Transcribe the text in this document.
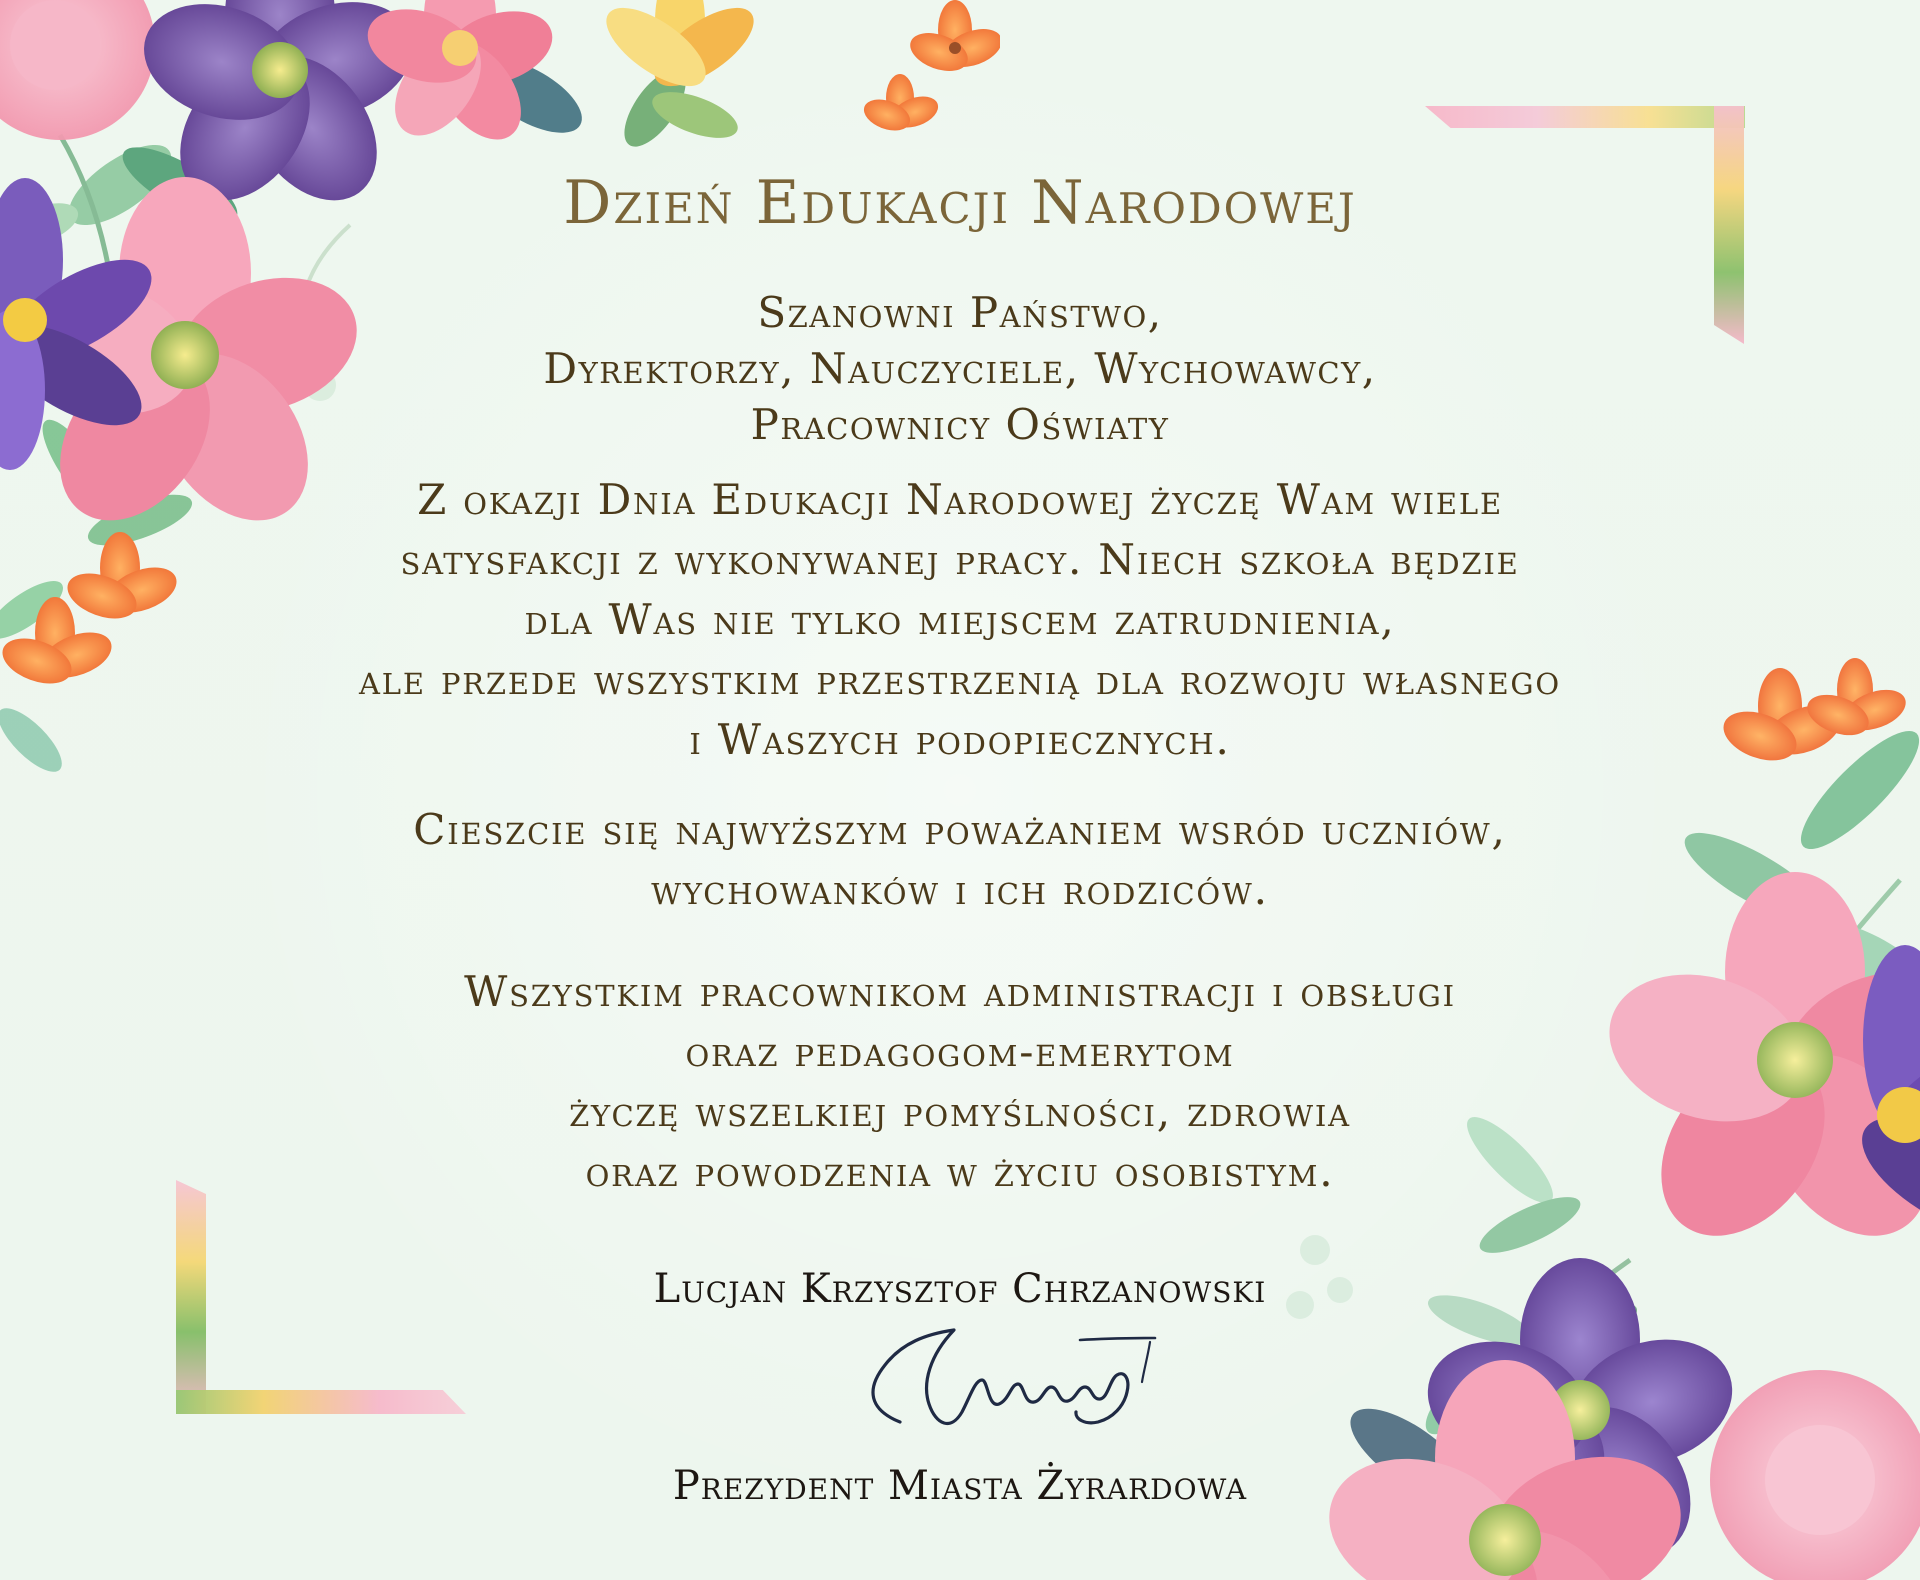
Dzień Edukacji Narodowej
Szanowni Państwo,
Dyrektorzy, Nauczyciele, Wychowawcy,
Pracownicy Oświaty
Z okazji Dnia Edukacji Narodowej życzę Wam wiele
satysfakcji z wykonywanej pracy. Niech szkoła będzie
dla Was nie tylko miejscem zatrudnienia,
ale przede wszystkim przestrzenią dla rozwoju własnego
i Waszych podopiecznych.
Cieszcie się najwyższym poważaniem wsród uczniów,
wychowanków i ich rodziców.
Wszystkim pracownikom administracji i obsługi
oraz pedagogom-emerytom
życzę wszelkiej pomyślności, zdrowia
oraz powodzenia w życiu osobistym.
Lucjan Krzysztof Chrzanowski
Prezydent Miasta Żyrardowa
